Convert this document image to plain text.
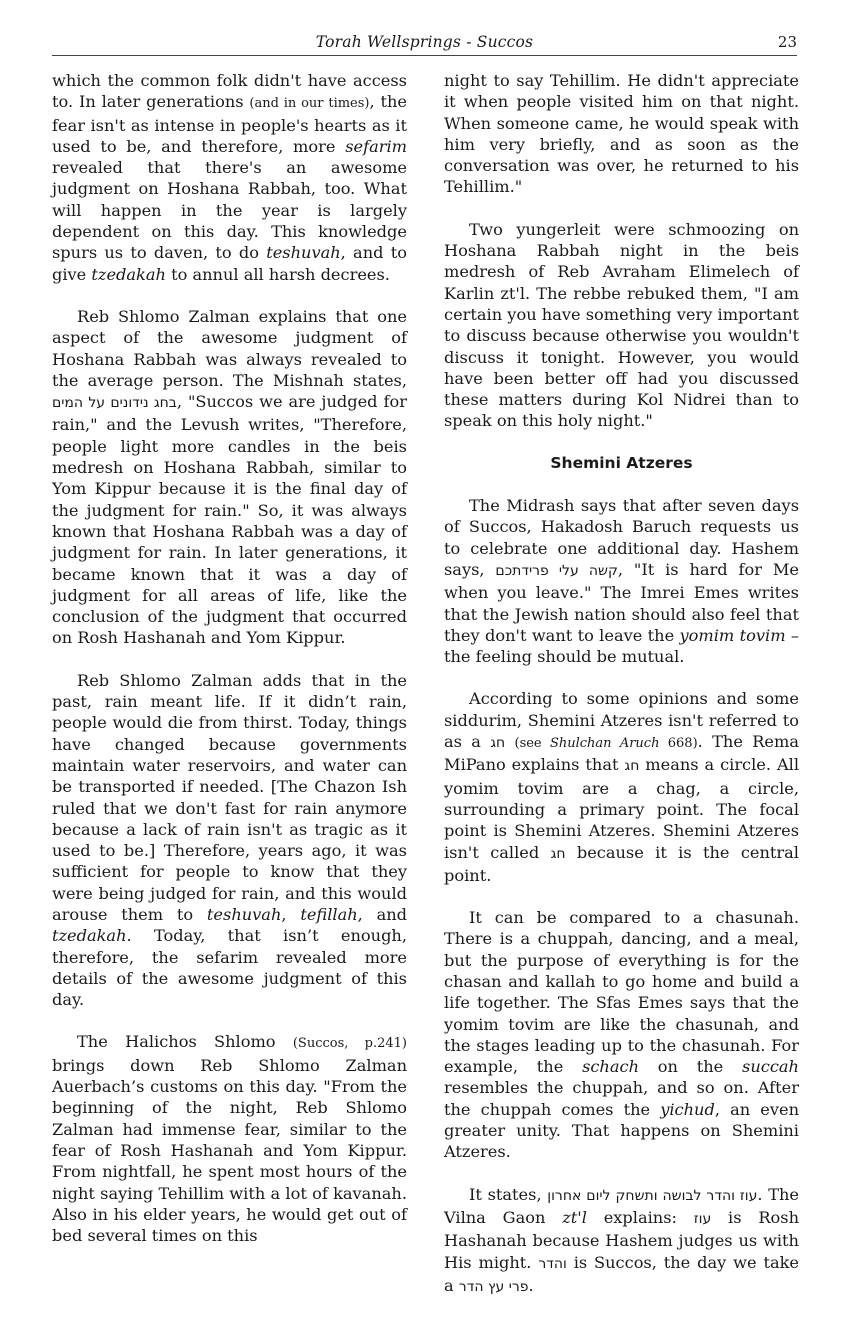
Torah Wellsprings - Succos	23

which the common folk didn't have access to. In later generations (and in our times), the fear isn't as intense in people's hearts as it used to be, and therefore, more sefarim revealed that there's an awesome judgment on Hoshana Rabbah, too. What will happen in the year is largely dependent on this day. This knowledge spurs us to daven, to do teshuvah, and to give tzedakah to annul all harsh decrees.

Reb Shlomo Zalman explains that one aspect of the awesome judgment of Hoshana Rabbah was always revealed to the average person. The Mishnah states, בחג נידונים על המים, "Succos we are judged for rain," and the Levush writes, "Therefore, people light more candles in the beis medresh on Hoshana Rabbah, similar to Yom Kippur because it is the final day of the judgment for rain." So, it was always known that Hoshana Rabbah was a day of judgment for rain. In later generations, it became known that it was a day of judgment for all areas of life, like the conclusion of the judgment that occurred on Rosh Hashanah and Yom Kippur.

Reb Shlomo Zalman adds that in the past, rain meant life. If it didn’t rain, people would die from thirst. Today, things have changed because governments maintain water reservoirs, and water can be transported if needed. [The Chazon Ish ruled that we don't fast for rain anymore because a lack of rain isn't as tragic as it used to be.] Therefore, years ago, it was sufficient for people to know that they were being judged for rain, and this would arouse them to teshuvah, tefillah, and tzedakah. Today, that isn’t enough, therefore, the sefarim revealed more details of the awesome judgment of this day.

The Halichos Shlomo (Succos, p.241) brings down Reb Shlomo Zalman Auerbach’s customs on this day. "From the beginning of the night, Reb Shlomo Zalman had immense fear, similar to the fear of Rosh Hashanah and Yom Kippur. From nightfall, he spent most hours of the night saying Tehillim with a lot of kavanah. Also in his elder years, he would get out of bed several times on this

night to say Tehillim. He didn't appreciate it when people visited him on that night. When someone came, he would speak with him very briefly, and as soon as the conversation was over, he returned to his Tehillim."

Two yungerleit were schmoozing on Hoshana Rabbah night in the beis medresh of Reb Avraham Elimelech of Karlin zt'l. The rebbe rebuked them, "I am certain you have something very important to discuss because otherwise you wouldn't discuss it tonight. However, you would have been better off had you discussed these matters during Kol Nidrei than to speak on this holy night."

Shemini Atzeres

The Midrash says that after seven days of Succos, Hakadosh Baruch requests us to celebrate one additional day. Hashem says, קשה עלי פרידתכם, "It is hard for Me when you leave." The Imrei Emes writes that the Jewish nation should also feel that they don't want to leave the yomim tovim – the feeling should be mutual.

According to some opinions and some siddurim, Shemini Atzeres isn't referred to as a חג (see Shulchan Aruch 668). The Rema MiPano explains that חג means a circle. All yomim tovim are a chag, a circle, surrounding a primary point. The focal point is Shemini Atzeres. Shemini Atzeres isn't called חג because it is the central point.

It can be compared to a chasunah. There is a chuppah, dancing, and a meal, but the purpose of everything is for the chasan and kallah to go home and build a life together. The Sfas Emes says that the yomim tovim are like the chasunah, and the stages leading up to the chasunah. For example, the schach on the succah resembles the chuppah, and so on. After the chuppah comes the yichud, an even greater unity. That happens on Shemini Atzeres.

It states, עוז והדר לבושה ותשחק ליום אחרון. The Vilna Gaon zt'l explains: עוז is Rosh Hashanah because Hashem judges us with His might. והדר is Succos, the day we take a פרי עץ הדר.
